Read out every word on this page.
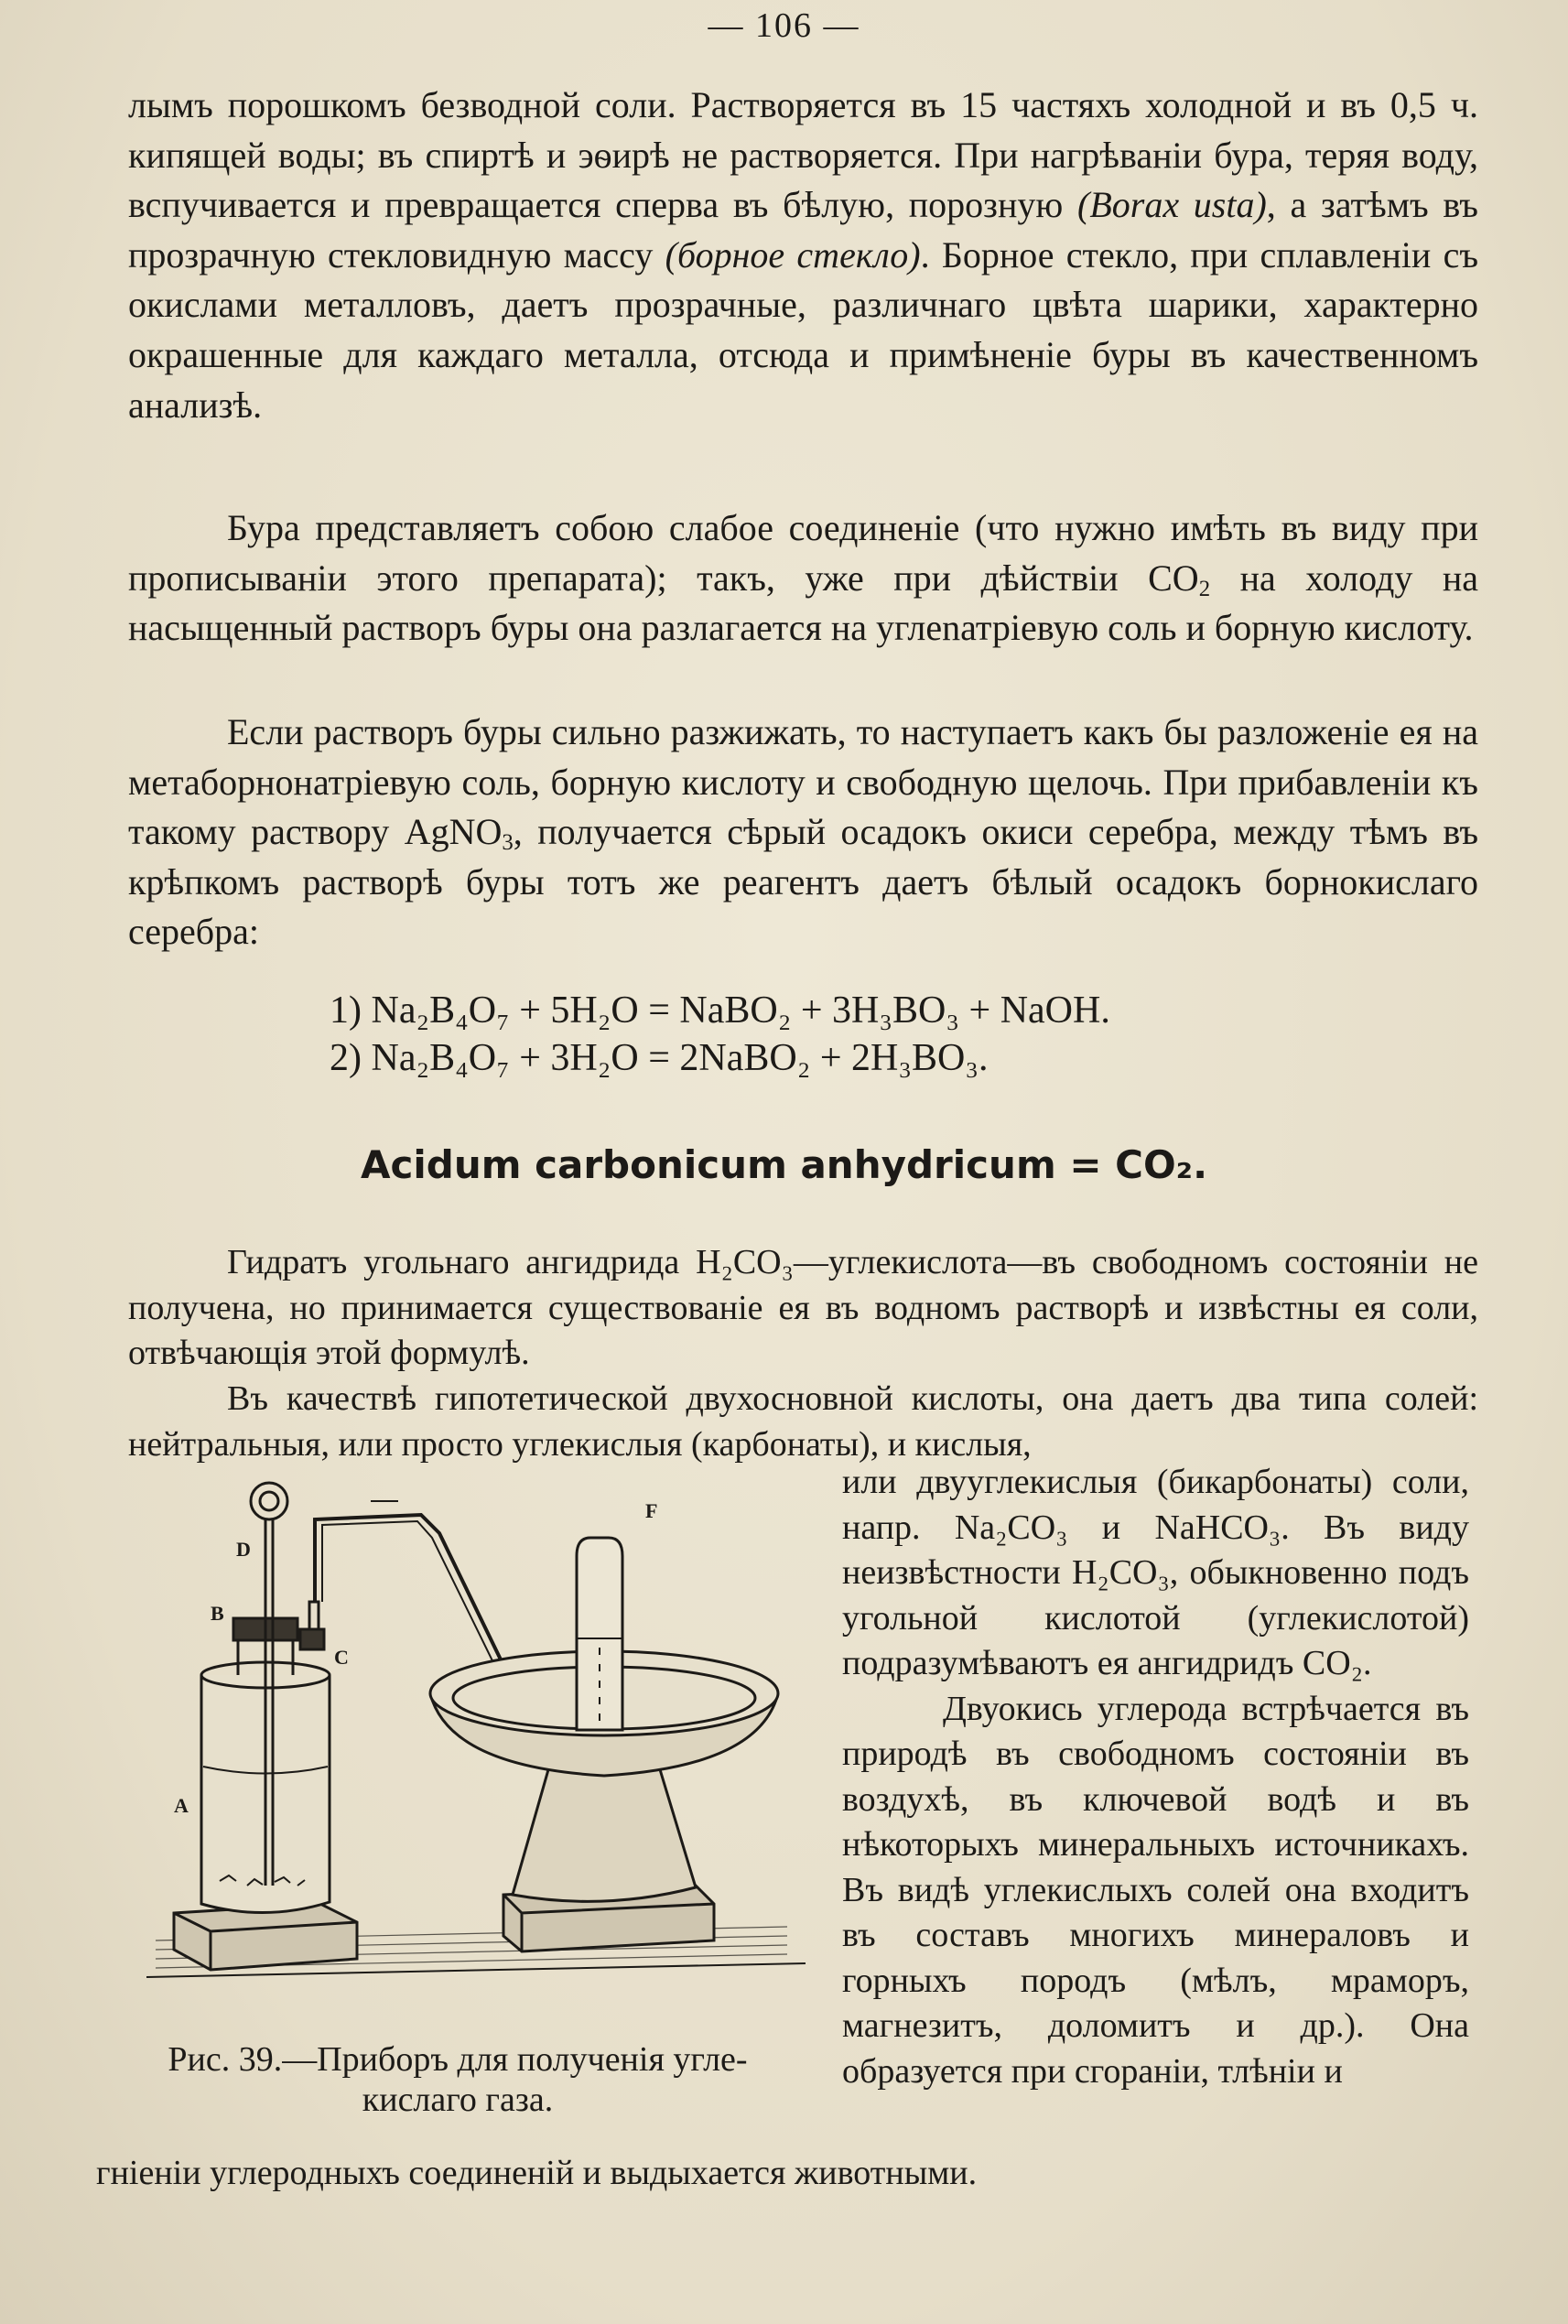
— 106 —

лымъ порошкомъ безводной соли. Растворяется въ 15 частяхъ холодной и въ 0,5 ч. кипящей воды; въ спиртѣ и эѳирѣ не растворяется. При нагрѣваніи бура, теряя воду, вспучивается и превращается сперва въ бѣлую, порозную (Borax usta), а затѣмъ въ прозрачную стекловидную массу (борное стекло). Борное стекло, при сплавленіи съ окислами металловъ, даетъ прозрачные, различнаго цвѣта шарики, характерно окрашенные для каждаго металла, отсюда и примѣненіе буры въ качественномъ анализѣ.

Бура представляетъ собою слабое соединеніе (что нужно имѣть въ виду при прописываніи этого препарата); такъ, уже при дѣйствіи $CO_2$ на холоду на насыщенный растворъ буры она разлагается на углenатріевую соль и борную кислоту.

Если растворъ буры сильно разжижать, то наступаетъ какъ бы разложеніе ея на метаборнонатріевую соль, борную кислоту и свободную щелочь. При прибавленіи къ такому раствору AgNO$_3$, получается сѣрый осадокъ окиси серебра, между тѣмъ въ крѣпкомъ растворѣ буры тотъ же реагентъ даетъ бѣлый осадокъ борнокислаго серебра:

1) Na₂B₄O₇ + 5H₂O = NaBO₂ + 3H₃BO₃ + NaOH.
2) Na₂B₄O₇ + 3H₂O = 2NaBO₂ + 2H₃BO₃.
Acidum carbonicum anhydricum = CO₂.

Гидратъ угольнаго ангидрида H₂CO₃—углекислота—въ свободномъ состояніи не получена, но принимается существованіе ея въ водномъ растворѣ и извѣстны ея соли, отвѣчающія этой формулѣ.

Въ качествѣ гипотетической двухосновной кислоты, она даетъ два типа солей: нейтральныя, или просто углекислыя (карбонаты), и кислыя,

или двууглекислыя (бикарбонаты) соли, напр. Na₂CO₃ и NaHCO₃. Въ виду неизвѣстности H₂CO₃, обыкновенно подъ угольной кислотой (углекислотой) подразумѣваютъ ея ангидридъ CO₂.

Двуокись углерода встрѣчается въ природѣ въ свободномъ состояніи въ воздухѣ, въ ключевой водѣ и въ нѣкоторыхъ минеральныхъ источникахъ. Въ видѣ углекислыхъ солей она входитъ въ составъ многихъ минераловъ и горныхъ породъ (мѣлъ, мраморъ, магнезитъ, доломитъ и др.). Она образуется при сгораніи, тлѣніи и

гніеніи углеродныхъ соединеній и выдыхается животными.
D
B
C
A
F
Рис. 39.—Приборъ для полученія угле-
кислаго газа.
